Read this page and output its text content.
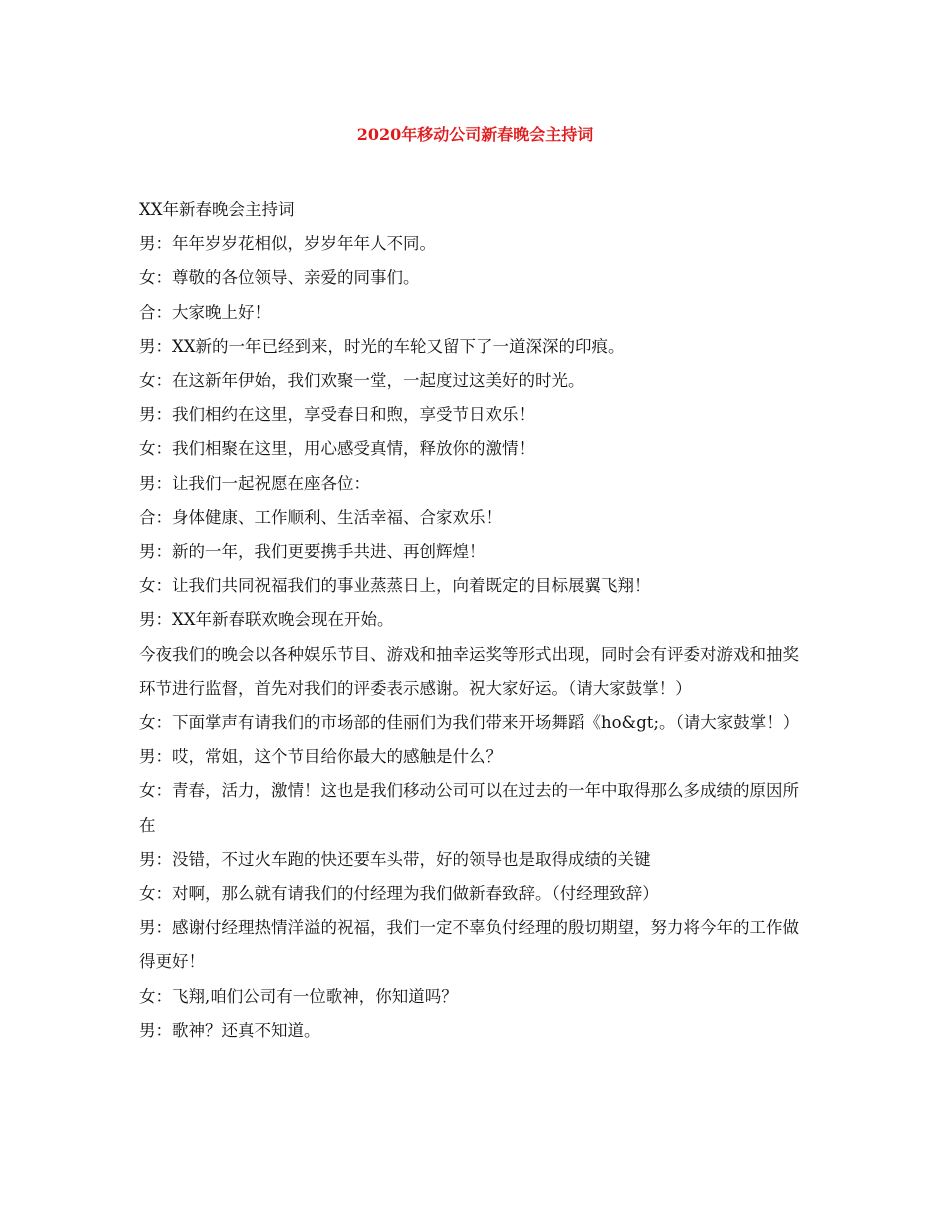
2020年移动公司新春晚会主持词

XX年新春晚会主持词

男：年年岁岁花相似，岁岁年年人不同。

女：尊敬的各位领导、亲爱的同事们。

合：大家晚上好！

男：XX新的一年已经到来，时光的车轮又留下了一道深深的印痕。

女：在这新年伊始，我们欢聚一堂，一起度过这美好的时光。

男：我们相约在这里，享受春日和煦，享受节日欢乐！

女：我们相聚在这里，用心感受真情，释放你的激情！

男：让我们一起祝愿在座各位：

合：身体健康、工作顺利、生活幸福、合家欢乐！

男：新的一年，我们更要携手共进、再创辉煌！

女：让我们共同祝福我们的事业蒸蒸日上，向着既定的目标展翼飞翔！

男：XX年新春联欢晚会现在开始。

今夜我们的晚会以各种娱乐节目、游戏和抽幸运奖等形式出现，同时会有评委对游戏和抽奖环节进行监督，首先对我们的评委表示感谢。祝大家好运。（请大家鼓掌！）

女：下面掌声有请我们的市场部的佳丽们为我们带来开场舞蹈《ho&gt;。（请大家鼓掌！）

男：哎，常姐，这个节目给你最大的感触是什么？

女：青春，活力，激情！这也是我们移动公司可以在过去的一年中取得那么多成绩的原因所在

男：没错，不过火车跑的快还要车头带，好的领导也是取得成绩的关键

女：对啊，那么就有请我们的付经理为我们做新春致辞。（付经理致辞）

男：感谢付经理热情洋溢的祝福，我们一定不辜负付经理的殷切期望，努力将今年的工作做得更好！

女：飞翔,咱们公司有一位歌神，你知道吗？

男：歌神？还真不知道。
